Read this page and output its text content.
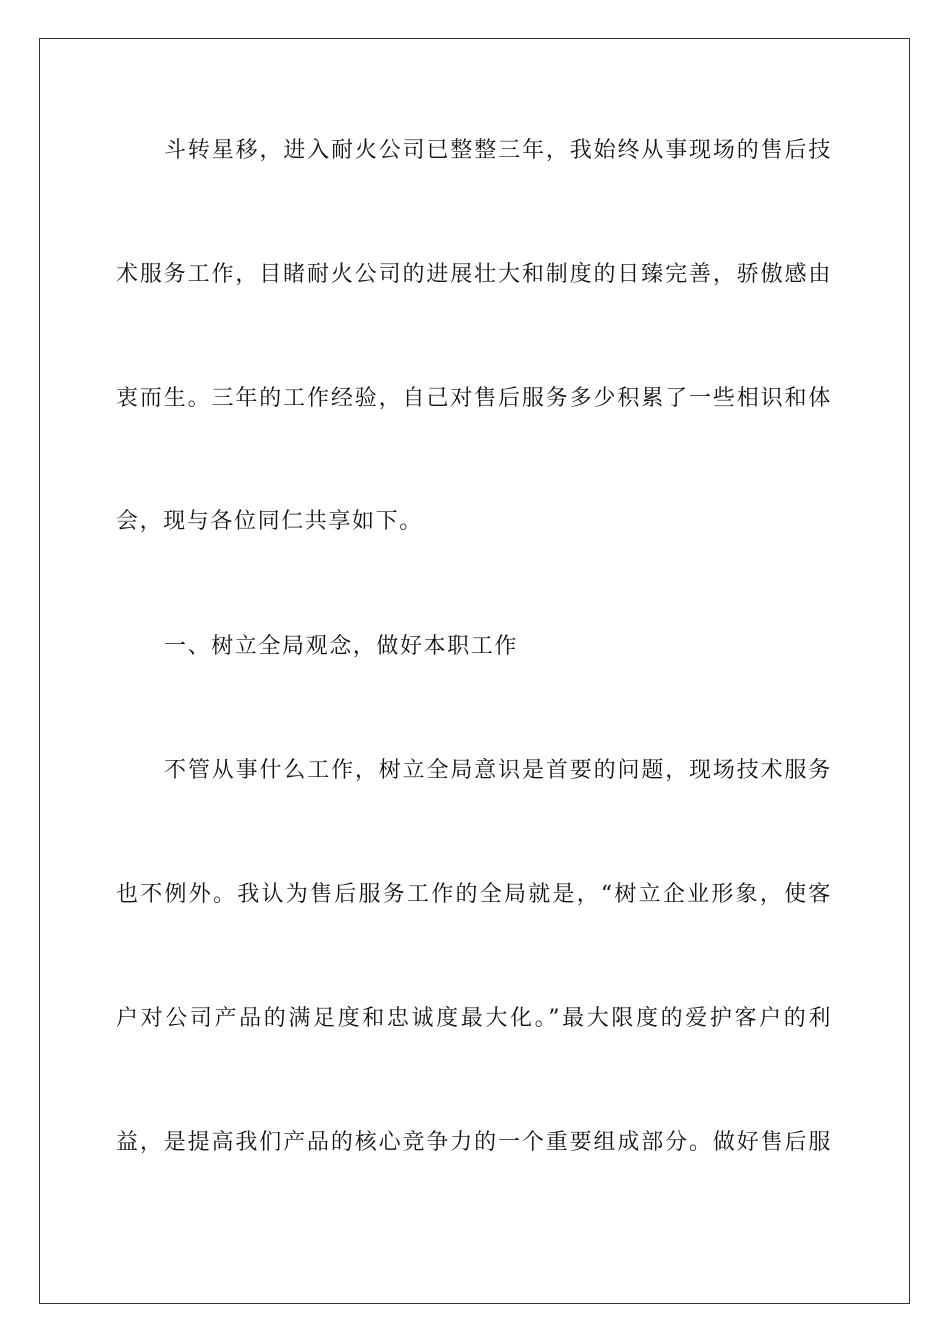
斗转星移，进入耐火公司已整整三年，我始终从事现场的售后技
术服务工作，目睹耐火公司的进展壮大和制度的日臻完善，骄傲感由
衷而生。三年的工作经验，自己对售后服务多少积累了一些相识和体
会，现与各位同仁共享如下。
一、树立全局观念，做好本职工作
不管从事什么工作，树立全局意识是首要的问题，现场技术服务
也不例外。我认为售后服务工作的全局就是，“树立企业形象，使客
户对公司产品的满足度和忠诚度最大化。”最大限度的爱护客户的利
益，是提高我们产品的核心竞争力的一个重要组成部分。做好售后服
